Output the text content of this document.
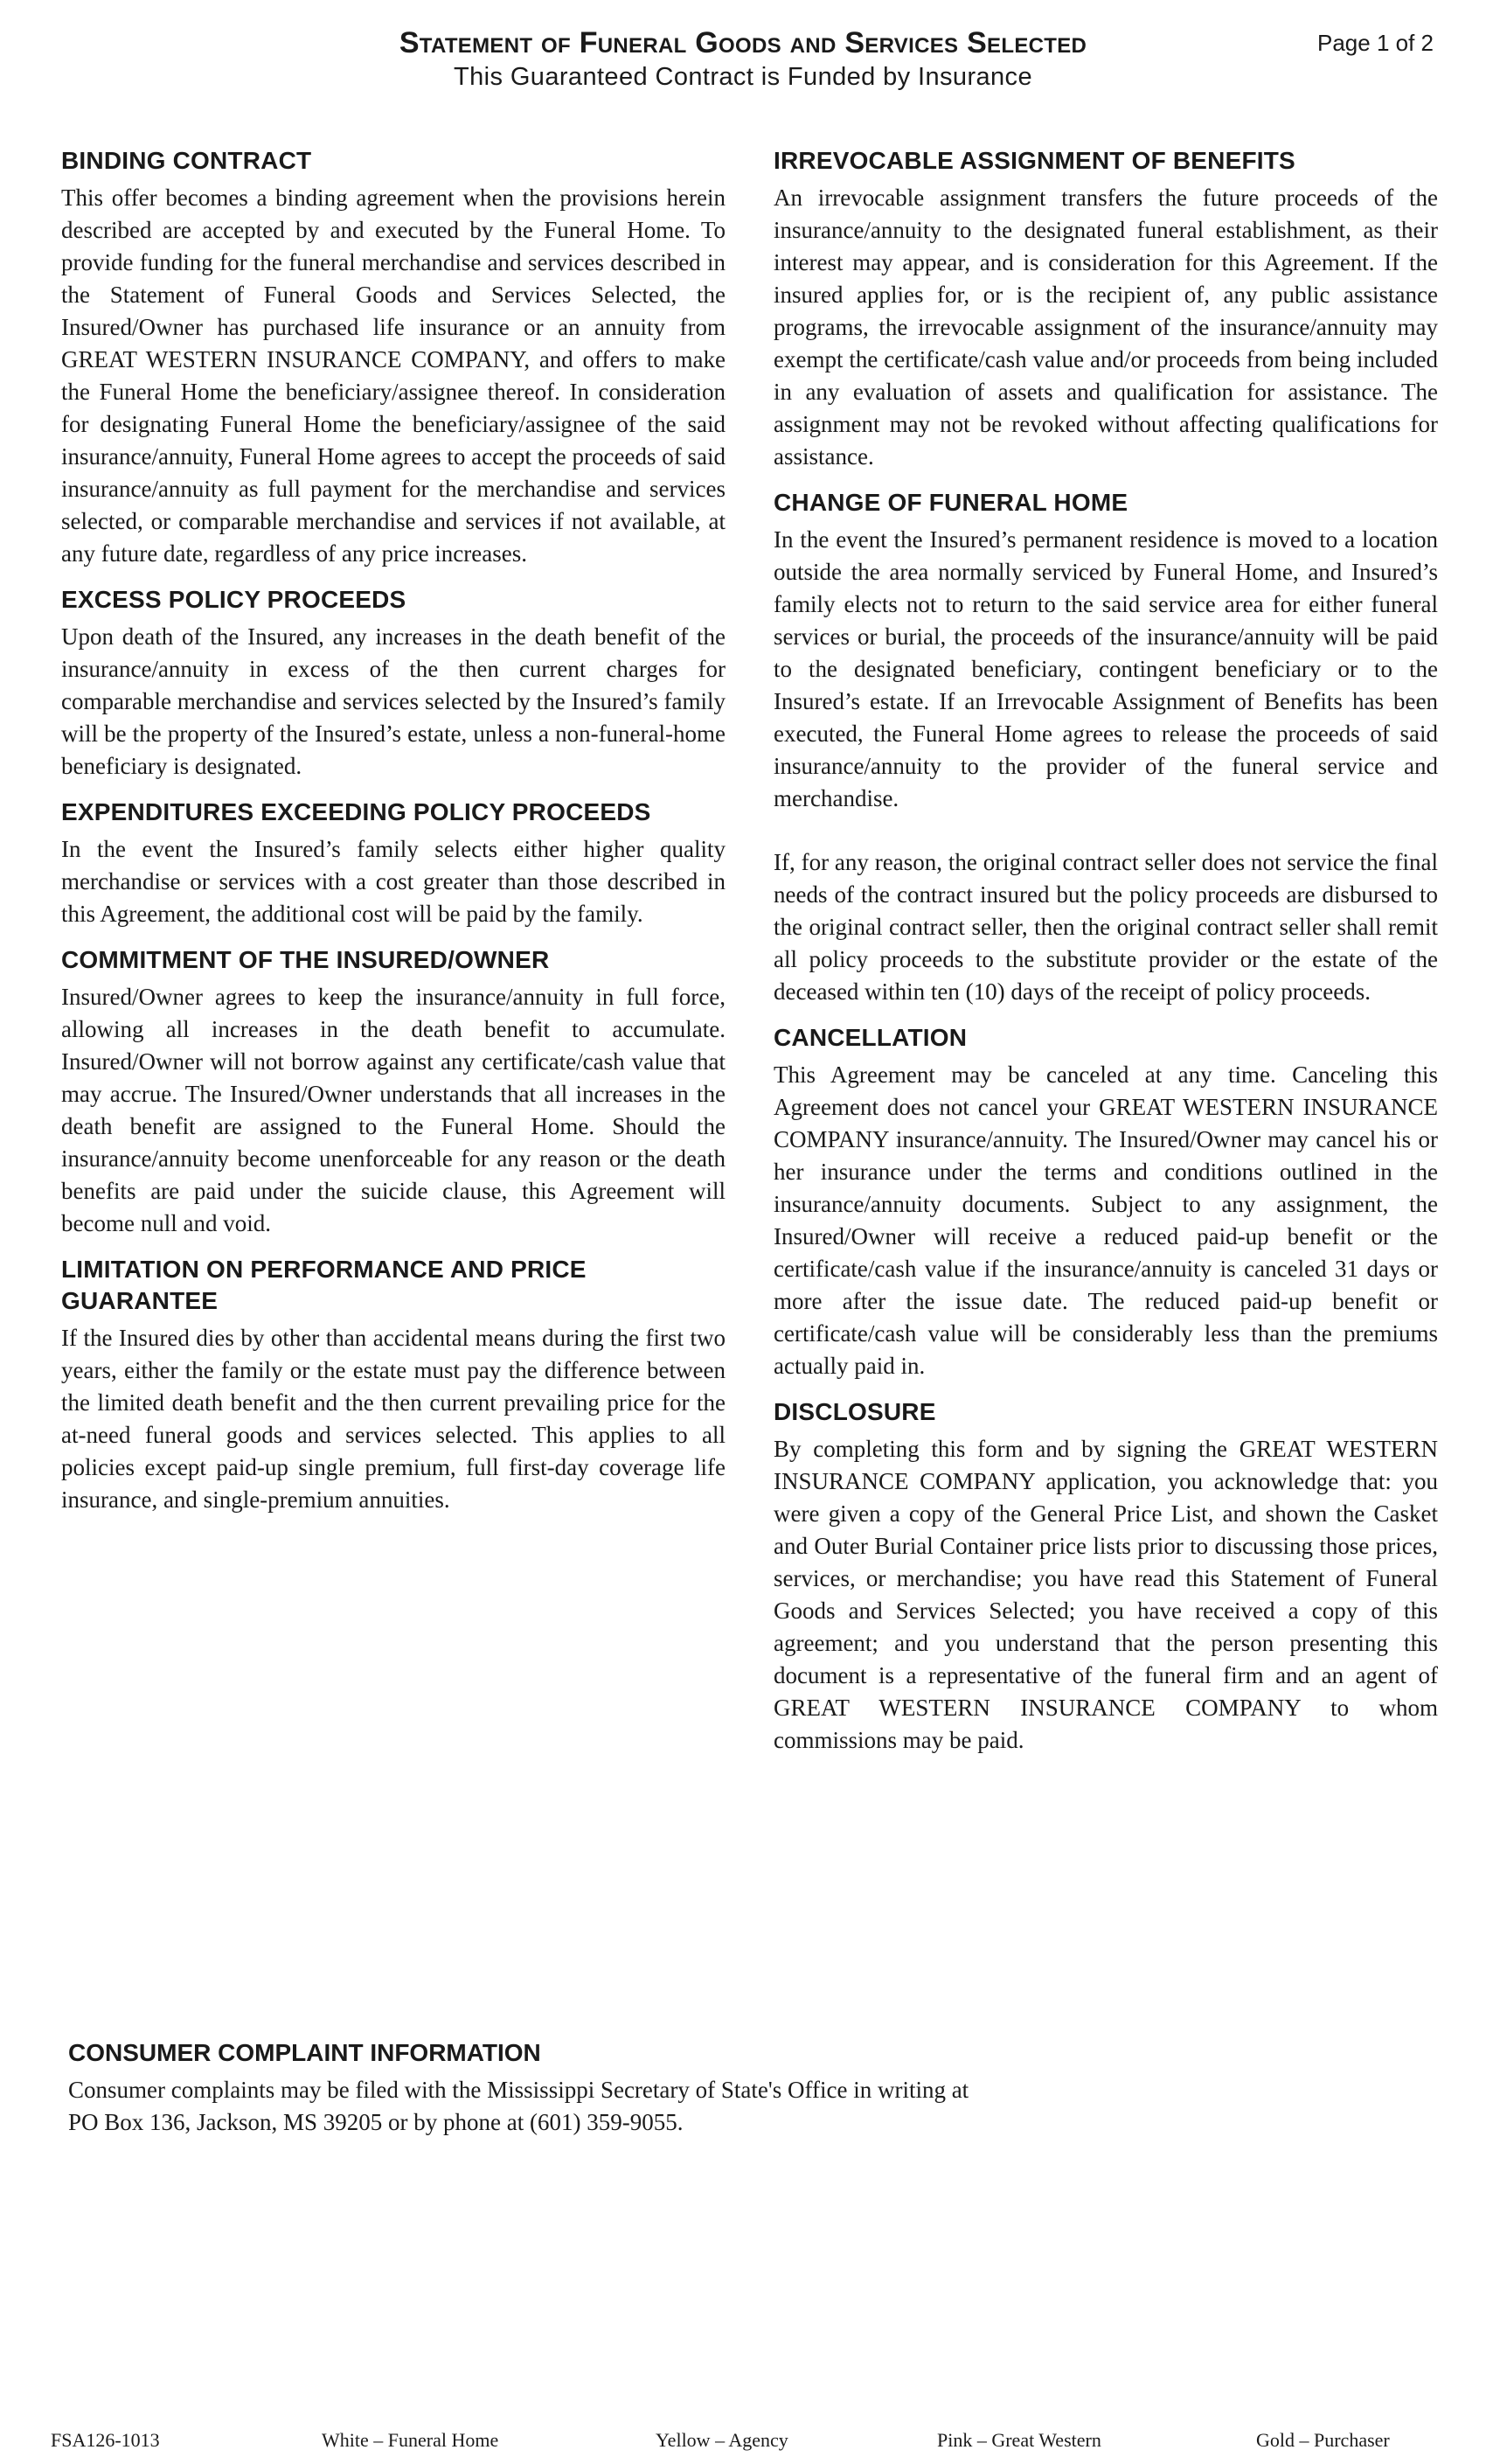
Statement of Funeral Goods and Services Selected
This Guaranteed Contract is Funded by Insurance
Page 1 of 2
BINDING CONTRACT

This offer becomes a binding agreement when the provisions herein described are accepted by and executed by the Funeral Home. To provide funding for the funeral merchandise and services described in the Statement of Funeral Goods and Services Selected, the Insured/Owner has purchased life insurance or an annuity from GREAT WESTERN INSURANCE COMPANY, and offers to make the Funeral Home the beneficiary/assignee thereof. In consideration for designating Funeral Home the beneficiary/assignee of the said insurance/annuity, Funeral Home agrees to accept the proceeds of said insurance/annuity as full payment for the merchandise and services selected, or comparable merchandise and services if not available, at any future date, regardless of any price increases.

EXCESS POLICY PROCEEDS

Upon death of the Insured, any increases in the death benefit of the insurance/annuity in excess of the then current charges for comparable merchandise and services selected by the Insured’s family will be the property of the Insured’s estate, unless a non-funeral-home beneficiary is designated.

EXPENDITURES EXCEEDING POLICY PROCEEDS

In the event the Insured’s family selects either higher quality merchandise or services with a cost greater than those described in this Agreement, the additional cost will be paid by the family.

COMMITMENT OF THE INSURED/OWNER

Insured/Owner agrees to keep the insurance/annuity in full force, allowing all increases in the death benefit to accumulate. Insured/Owner will not borrow against any certificate/cash value that may accrue. The Insured/Owner understands that all increases in the death benefit are assigned to the Funeral Home. Should the insurance/annuity become unenforceable for any reason or the death benefits are paid under the suicide clause, this Agreement will become null and void.

LIMITATION ON PERFORMANCE AND PRICE GUARANTEE

If the Insured dies by other than accidental means during the first two years, either the family or the estate must pay the difference between the limited death benefit and the then current prevailing price for the at-need funeral goods and services selected. This applies to all policies except paid-up single premium, full first-day coverage life insurance, and single-premium annuities.

IRREVOCABLE ASSIGNMENT OF BENEFITS

An irrevocable assignment transfers the future proceeds of the insurance/annuity to the designated funeral establishment, as their interest may appear, and is consideration for this Agreement. If the insured applies for, or is the recipient of, any public assistance programs, the irrevocable assignment of the insurance/annuity may exempt the certificate/cash value and/or proceeds from being included in any evaluation of assets and qualification for assistance. The assignment may not be revoked without affecting qualifications for assistance.

CHANGE OF FUNERAL HOME

In the event the Insured’s permanent residence is moved to a location outside the area normally serviced by Funeral Home, and Insured’s family elects not to return to the said service area for either funeral services or burial, the proceeds of the insurance/annuity will be paid to the designated beneficiary, contingent beneficiary or to the Insured’s estate. If an Irrevocable Assignment of Benefits has been executed, the Funeral Home agrees to release the proceeds of said insurance/annuity to the provider of the funeral service and merchandise.

If, for any reason, the original contract seller does not service the final needs of the contract insured but the policy proceeds are disbursed to the original contract seller, then the original contract seller shall remit all policy proceeds to the substitute provider or the estate of the deceased within ten (10) days of the receipt of policy proceeds.

CANCELLATION

This Agreement may be canceled at any time. Canceling this Agreement does not cancel your GREAT WESTERN INSURANCE COMPANY insurance/annuity. The Insured/Owner may cancel his or her insurance under the terms and conditions outlined in the insurance/annuity documents. Subject to any assignment, the Insured/Owner will receive a reduced paid-up benefit or the certificate/cash value if the insurance/annuity is canceled 31 days or more after the issue date. The reduced paid-up benefit or certificate/cash value will be considerably less than the premiums actually paid in.

DISCLOSURE

By completing this form and by signing the GREAT WESTERN INSURANCE COMPANY application, you acknowledge that: you were given a copy of the General Price List, and shown the Casket and Outer Burial Container price lists prior to discussing those prices, services, or merchandise; you have read this Statement of Funeral Goods and Services Selected; you have received a copy of this agreement; and you understand that the person presenting this document is a representative of the funeral firm and an agent of GREAT WESTERN INSURANCE COMPANY to whom commissions may be paid.

CONSUMER COMPLAINT INFORMATION

Consumer complaints may be filed with the Mississippi Secretary of State's Office in writing at

PO Box 136, Jackson, MS 39205 or by phone at (601) 359-9055.

FSA126-1013	White – Funeral Home	Yellow – Agency	Pink – Great Western	Gold – Purchaser
